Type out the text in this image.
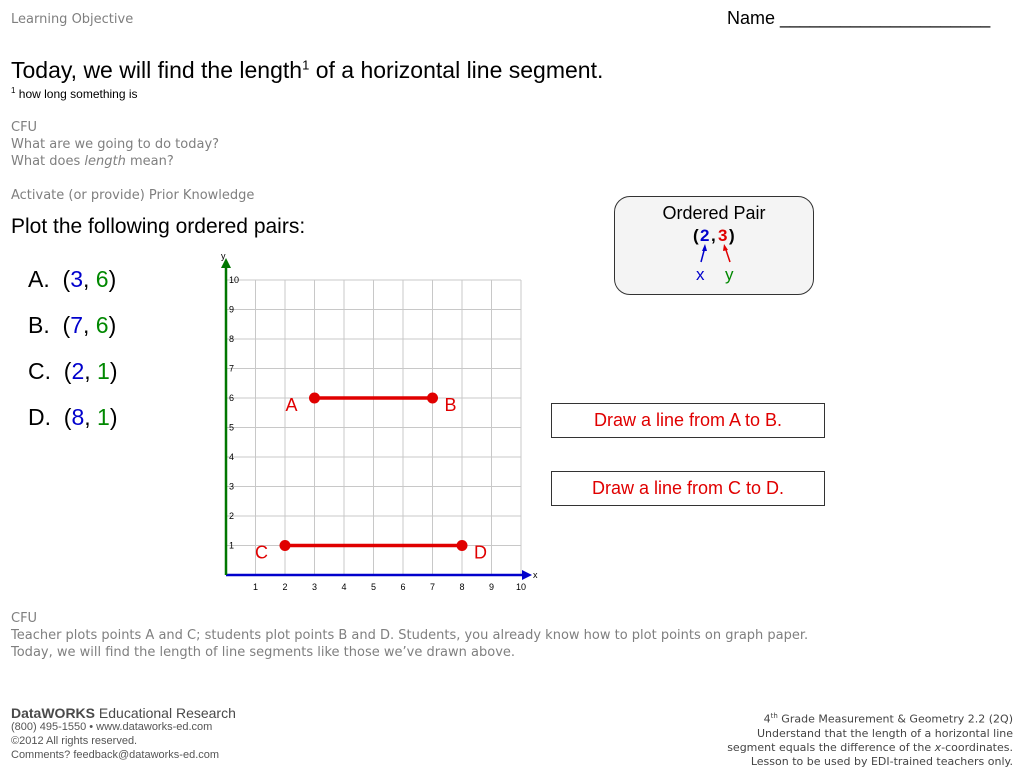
Learning Objective	Name _____________________
Today, we will find the length$^1$ of a horizontal line segment.
$^1$ how long something is
CFU
What are we going to do today?
What does length mean?
Activate (or provide) Prior Knowledge
Plot the following ordered pairs:
A.  (3, 6)
B.  (7, 6)
C.  (2, 1)
D.  (8, 1)
x
y
1	2	3	4	5	6	7	8	9 10
1
2
3
4
5
6
7
8
9
10
A	B
C	D
Ordered Pair
( 2 , 3 )
x y
Draw a line from A to B.
Draw a line from C to D.
CFU
Teacher plots points A and C; students plot points B and D. Students, you already know how to plot points on graph paper.
Today, we will find the length of line segments like those we’ve drawn above.
DataWORKS Educational Research
(800) 495-1550 • www.dataworks-ed.com
©2012 All rights reserved.
Comments? feedback@dataworks-ed.com
4th Grade Measurement & Geometry 2.2 (2Q)
Understand that the length of a horizontal line
segment equals the difference of the x-coordinates.
Lesson to be used by EDI-trained teachers only.
